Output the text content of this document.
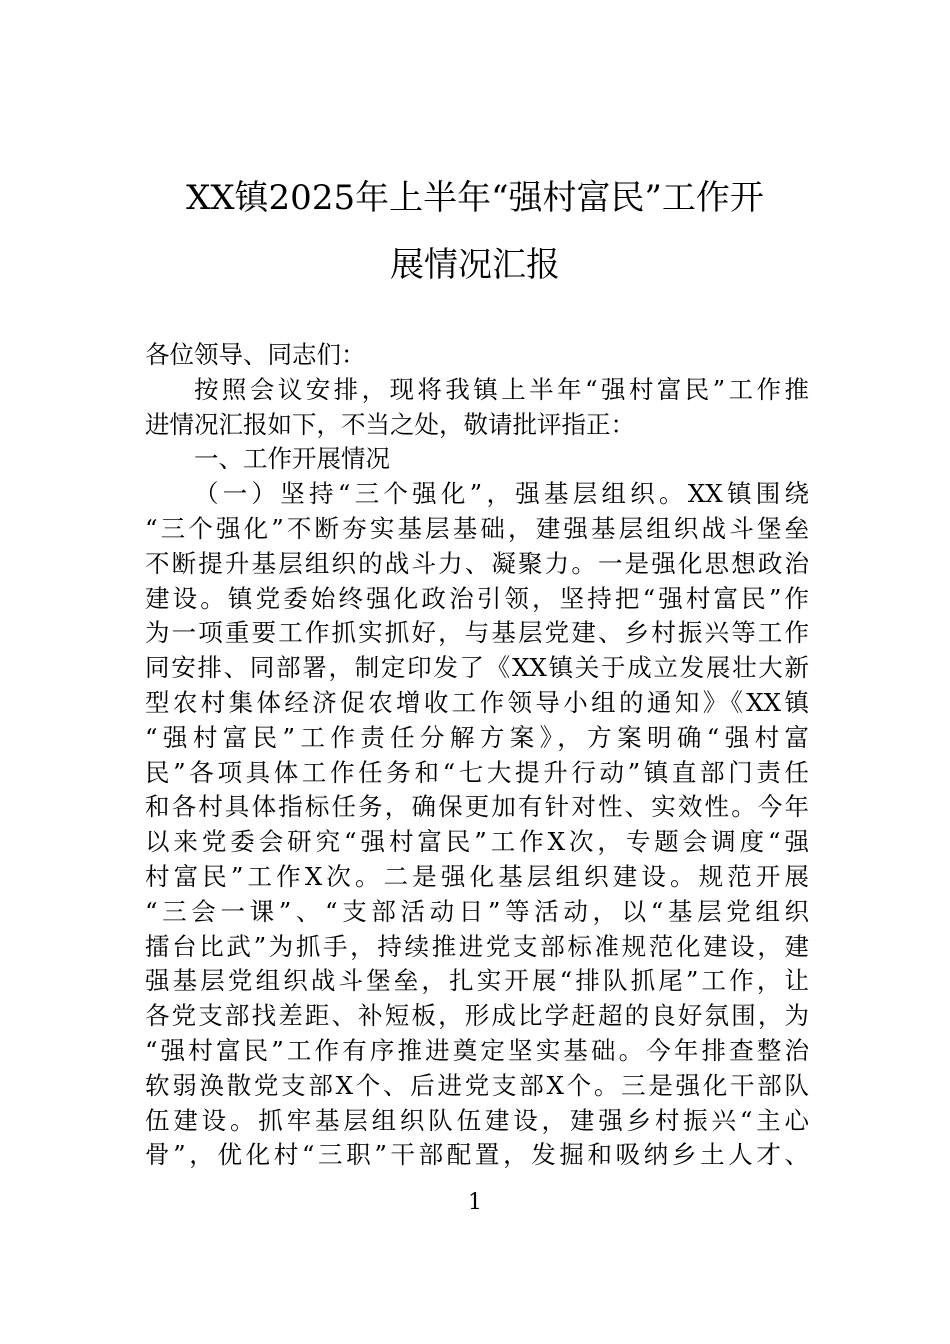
XX镇2025年上半年“强村富民”工作开
展情况汇报
各位领导、同志们：
按照会议安排，现将我镇上半年“强村富民”工作推
进情况汇报如下，不当之处，敬请批评指正：
一、工作开展情况
（一）坚持“三个强化”，强基层组织。XX镇围绕
“三个强化”不断夯实基层基础，建强基层组织战斗堡垒
不断提升基层组织的战斗力、凝聚力。一是强化思想政治
建设。镇党委始终强化政治引领，坚持把“强村富民”作
为一项重要工作抓实抓好，与基层党建、乡村振兴等工作
同安排、同部署，制定印发了《XX镇关于成立发展壮大新
型农村集体经济促农增收工作领导小组的通知》《XX镇
“强村富民”工作责任分解方案》，方案明确“强村富
民”各项具体工作任务和“七大提升行动”镇直部门责任
和各村具体指标任务，确保更加有针对性、实效性。今年
以来党委会研究“强村富民”工作X次，专题会调度“强
村富民”工作X次。二是强化基层组织建设。规范开展
“三会一课”、“支部活动日”等活动，以“基层党组织
擂台比武”为抓手，持续推进党支部标准规范化建设，建
强基层党组织战斗堡垒，扎实开展“排队抓尾”工作，让
各党支部找差距、补短板，形成比学赶超的良好氛围，为
“强村富民”工作有序推进奠定坚实基础。今年排查整治
软弱涣散党支部X个、后进党支部X个。三是强化干部队
伍建设。抓牢基层组织队伍建设，建强乡村振兴“主心
骨”，优化村“三职”干部配置，发掘和吸纳乡土人才、
1
